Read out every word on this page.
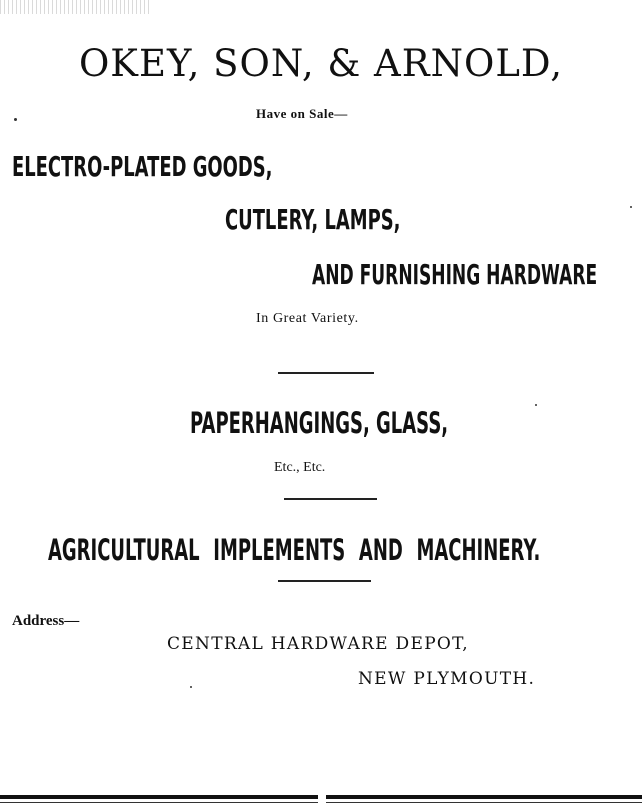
OKEY, SON, & ARNOLD,
Have on Sale—
ELECTRO-PLATED GOODS,
CUTLERY, LAMPS,
AND FURNISHING HARDWARE
In Great Variety.
PAPERHANGINGS, GLASS,
Etc., Etc.
AGRICULTURAL IMPLEMENTS AND MACHINERY.
Address—
CENTRAL HARDWARE DEPOT,
NEW PLYMOUTH.
